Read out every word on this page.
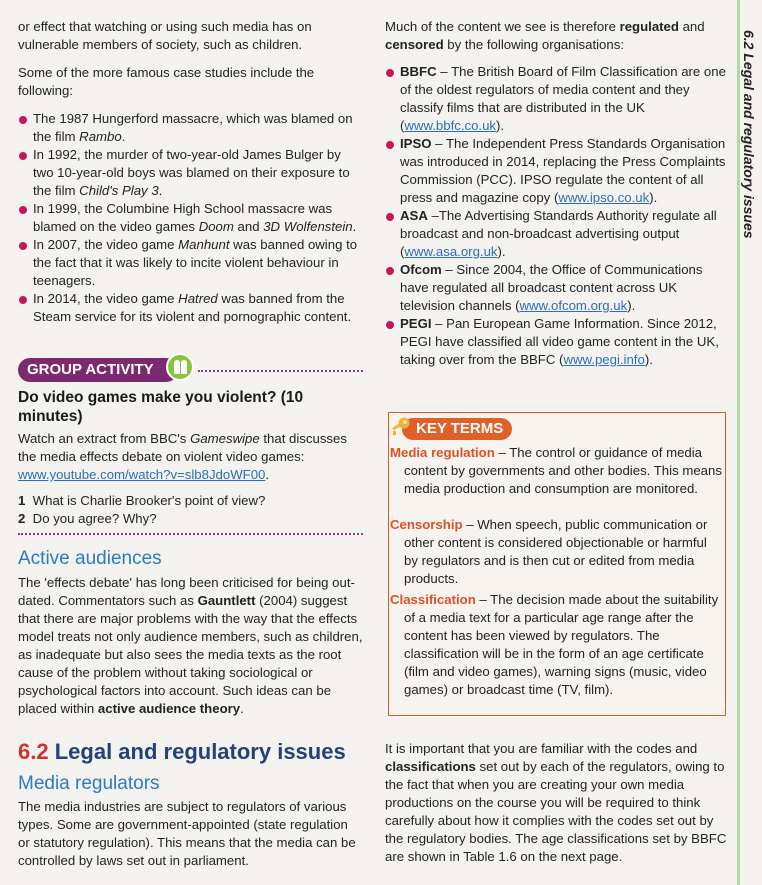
6.2 Legal and regulatory issues

or effect that watching or using such media has on vulnerable members of society, such as children.

Some of the more famous case studies include the following:

The 1987 Hungerford massacre, which was blamed on the film Rambo.
In 1992, the murder of two-year-old James Bulger by two 10-year-old boys was blamed on their exposure to the film Child's Play 3.
In 1999, the Columbine High School massacre was blamed on the video games Doom and 3D Wolfenstein.
In 2007, the video game Manhunt was banned owing to the fact that it was likely to incite violent behaviour in teenagers.
In 2014, the video game Hatred was banned from the Steam service for its violent and pornographic content.
GROUP ACTIVITY
Do video games make you violent? (10 minutes)

Watch an extract from BBC's Gameswipe that discusses the media effects debate on violent video games: www.youtube.com/watch?v=slb8JdoWF00.

1 What is Charlie Brooker's point of view?
2 Do you agree? Why?
Active audiences

The 'effects debate' has long been criticised for being out-dated. Commentators such as Gauntlett (2004) suggest that there are major problems with the way that the effects model treats not only audience members, such as children, as inadequate but also sees the media texts as the root cause of the problem without taking sociological or psychological factors into account. Such ideas can be placed within active audience theory.

6.2 Legal and regulatory issues
Media regulators

The media industries are subject to regulators of various types. Some are government-appointed (state regulation or statutory regulation). This means that the media can be controlled by laws set out in parliament.

Much of the content we see is therefore regulated and censored by the following organisations:

BBFC – The British Board of Film Classification are one of the oldest regulators of media content and they classify films that are distributed in the UK (www.bbfc.co.uk).
IPSO – The Independent Press Standards Organisation was introduced in 2014, replacing the Press Complaints Commission (PCC). IPSO regulate the content of all press and magazine copy (www.ipso.co.uk).
ASA –The Advertising Standards Authority regulate all broadcast and non-broadcast advertising output (www.asa.org.uk).
Ofcom – Since 2004, the Office of Communications have regulated all broadcast content across UK television channels (www.ofcom.org.uk).
PEGI – Pan European Game Information. Since 2012, PEGI have classified all video game content in the UK, taking over from the BBFC (www.pegi.info).

It is important that you are familiar with the codes and classifications set out by each of the regulators, owing to the fact that when you are creating your own media productions on the course you will be required to think carefully about how it complies with the codes set out by the regulatory bodies. The age classifications set by BBFC are shown in Table 1.6 on the next page.

KEY TERMS
Media regulation – The control or guidance of media content by governments and other bodies. This means media production and consumption are monitored.
Censorship – When speech, public communication or other content is considered objectionable or harmful by regulators and is then cut or edited from media products.
Classification – The decision made about the suitability of a media text for a particular age range after the content has been viewed by regulators. The classification will be in the form of an age certificate (film and video games), warning signs (music, video games) or broadcast time (TV, film).
